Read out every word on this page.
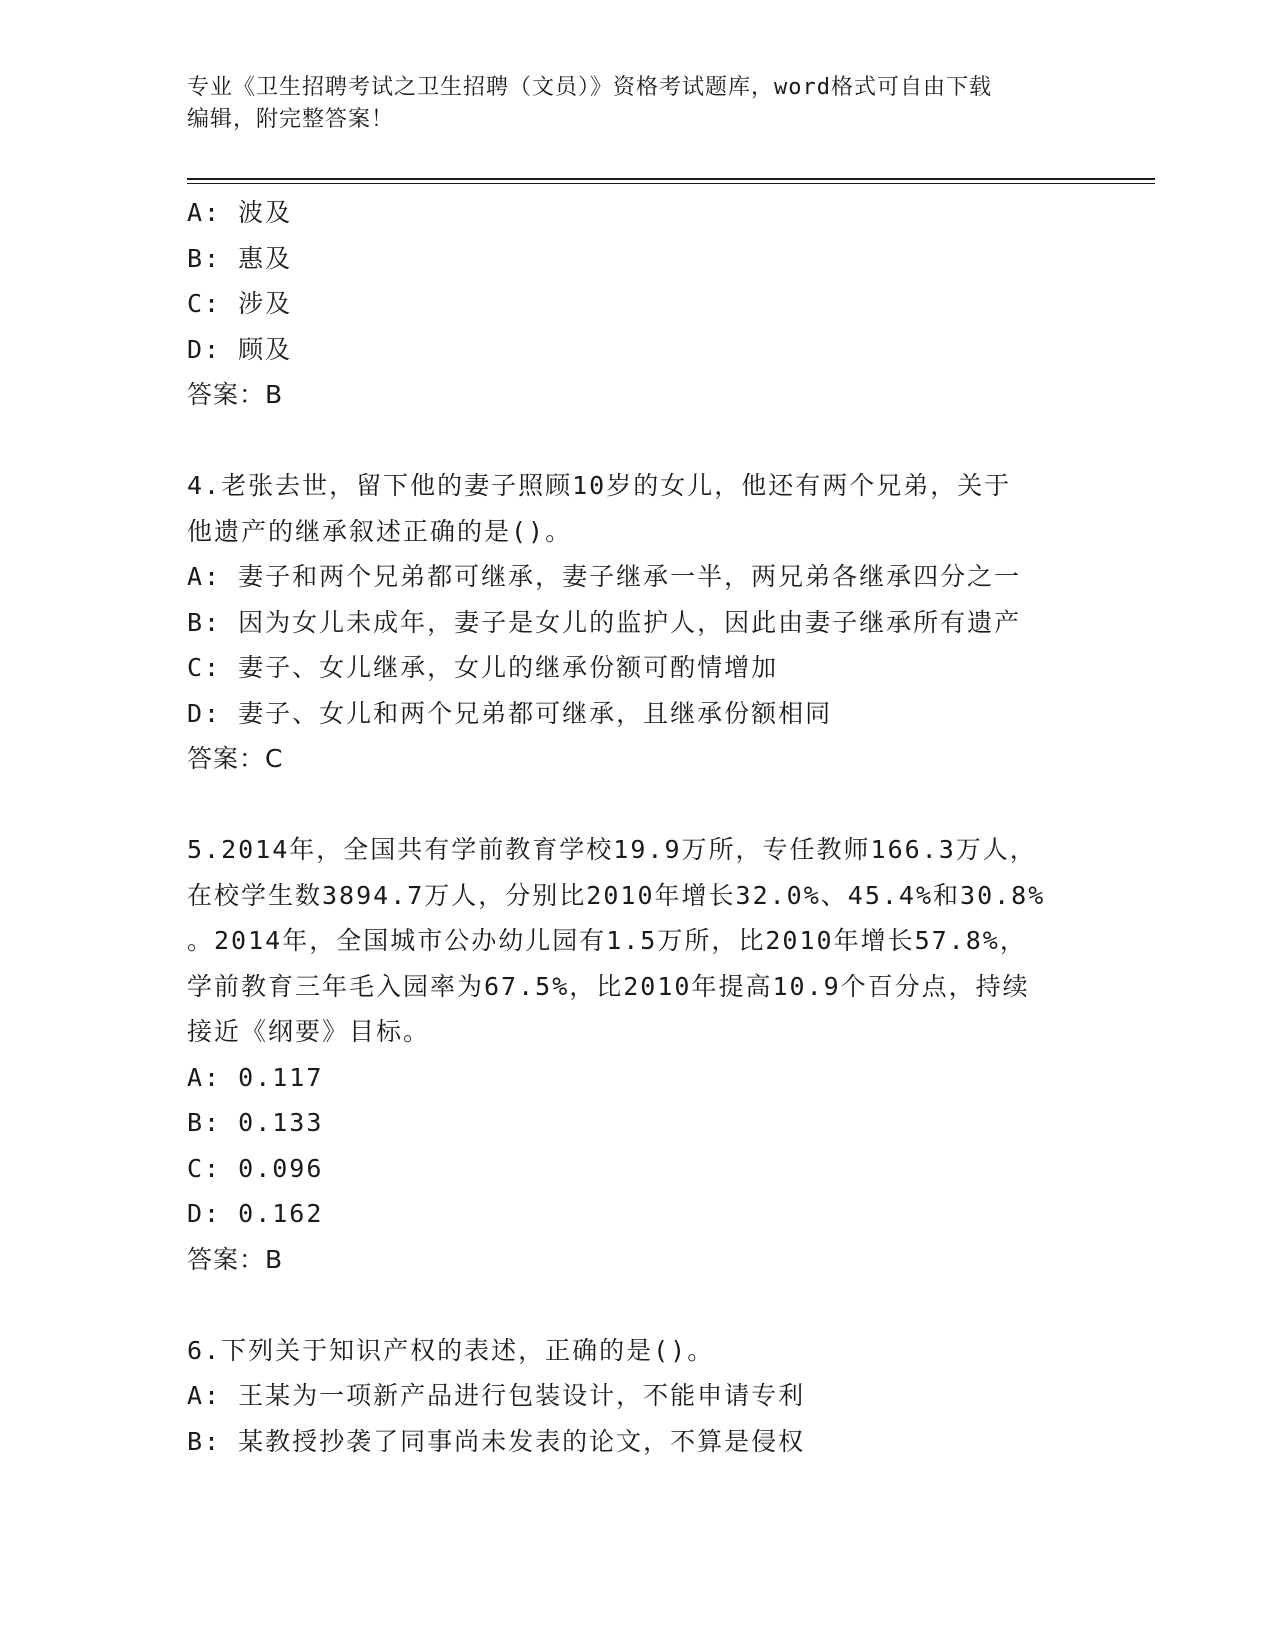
专业《卫生招聘考试之卫生招聘（文员）》资格考试题库，word格式可自由下载
编辑，附完整答案！
A: 波及
B: 惠及
C: 涉及
D: 顾及
答案：B
4.老张去世，留下他的妻子照顾10岁的女儿，他还有两个兄弟，关于
他遗产的继承叙述正确的是()。
A: 妻子和两个兄弟都可继承，妻子继承一半，两兄弟各继承四分之一
B: 因为女儿未成年，妻子是女儿的监护人，因此由妻子继承所有遗产
C: 妻子、女儿继承，女儿的继承份额可酌情增加
D: 妻子、女儿和两个兄弟都可继承，且继承份额相同
答案：C
5.2014年，全国共有学前教育学校19.9万所，专任教师166.3万人，
在校学生数3894.7万人，分别比2010年增长32.0%、45.4%和30.8%
。2014年，全国城市公办幼儿园有1.5万所，比2010年增长57.8%，
学前教育三年毛入园率为67.5%，比2010年提高10.9个百分点，持续
接近《纲要》目标。
A: 0.117
B: 0.133
C: 0.096
D: 0.162
答案：B
6.下列关于知识产权的表述，正确的是()。
A: 王某为一项新产品进行包装设计，不能申请专利
B: 某教授抄袭了同事尚未发表的论文，不算是侵权
